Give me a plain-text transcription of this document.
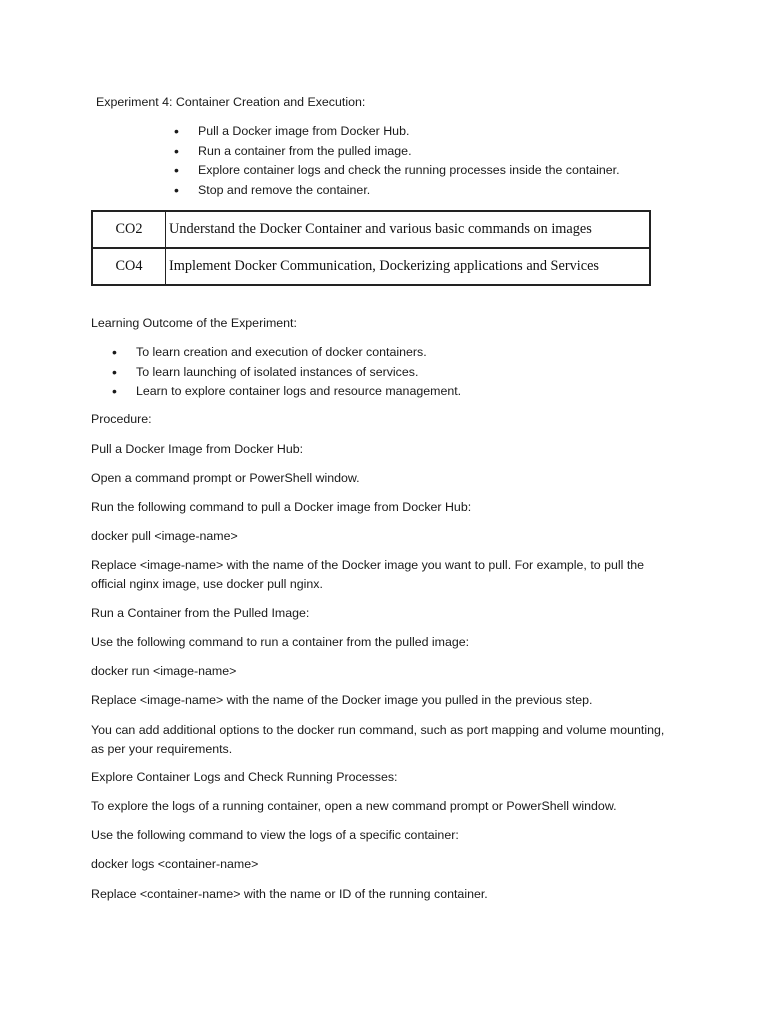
Experiment 4: Container Creation and Execution:
• Pull a Docker image from Docker Hub.
• Run a container from the pulled image.
• Explore container logs and check the running processes inside the container.
• Stop and remove the container.
CO2	Understand the Docker Container and various basic commands on images
CO4	Implement Docker Communication, Dockerizing applications and Services
Learning Outcome of the Experiment:
• To learn creation and execution of docker containers.
• To learn launching of isolated instances of services.
• Learn to explore container logs and resource management.
Procedure:
Pull a Docker Image from Docker Hub:
Open a command prompt or PowerShell window.
Run the following command to pull a Docker image from Docker Hub:
docker pull <image-name>
Replace <image-name> with the name of the Docker image you want to pull. For example, to pull the official nginx image, use docker pull nginx.
Run a Container from the Pulled Image:
Use the following command to run a container from the pulled image:
docker run <image-name>
Replace <image-name> with the name of the Docker image you pulled in the previous step.
You can add additional options to the docker run command, such as port mapping and volume mounting, as per your requirements.
Explore Container Logs and Check Running Processes:
To explore the logs of a running container, open a new command prompt or PowerShell window.
Use the following command to view the logs of a specific container:
docker logs <container-name>
Replace <container-name> with the name or ID of the running container.
